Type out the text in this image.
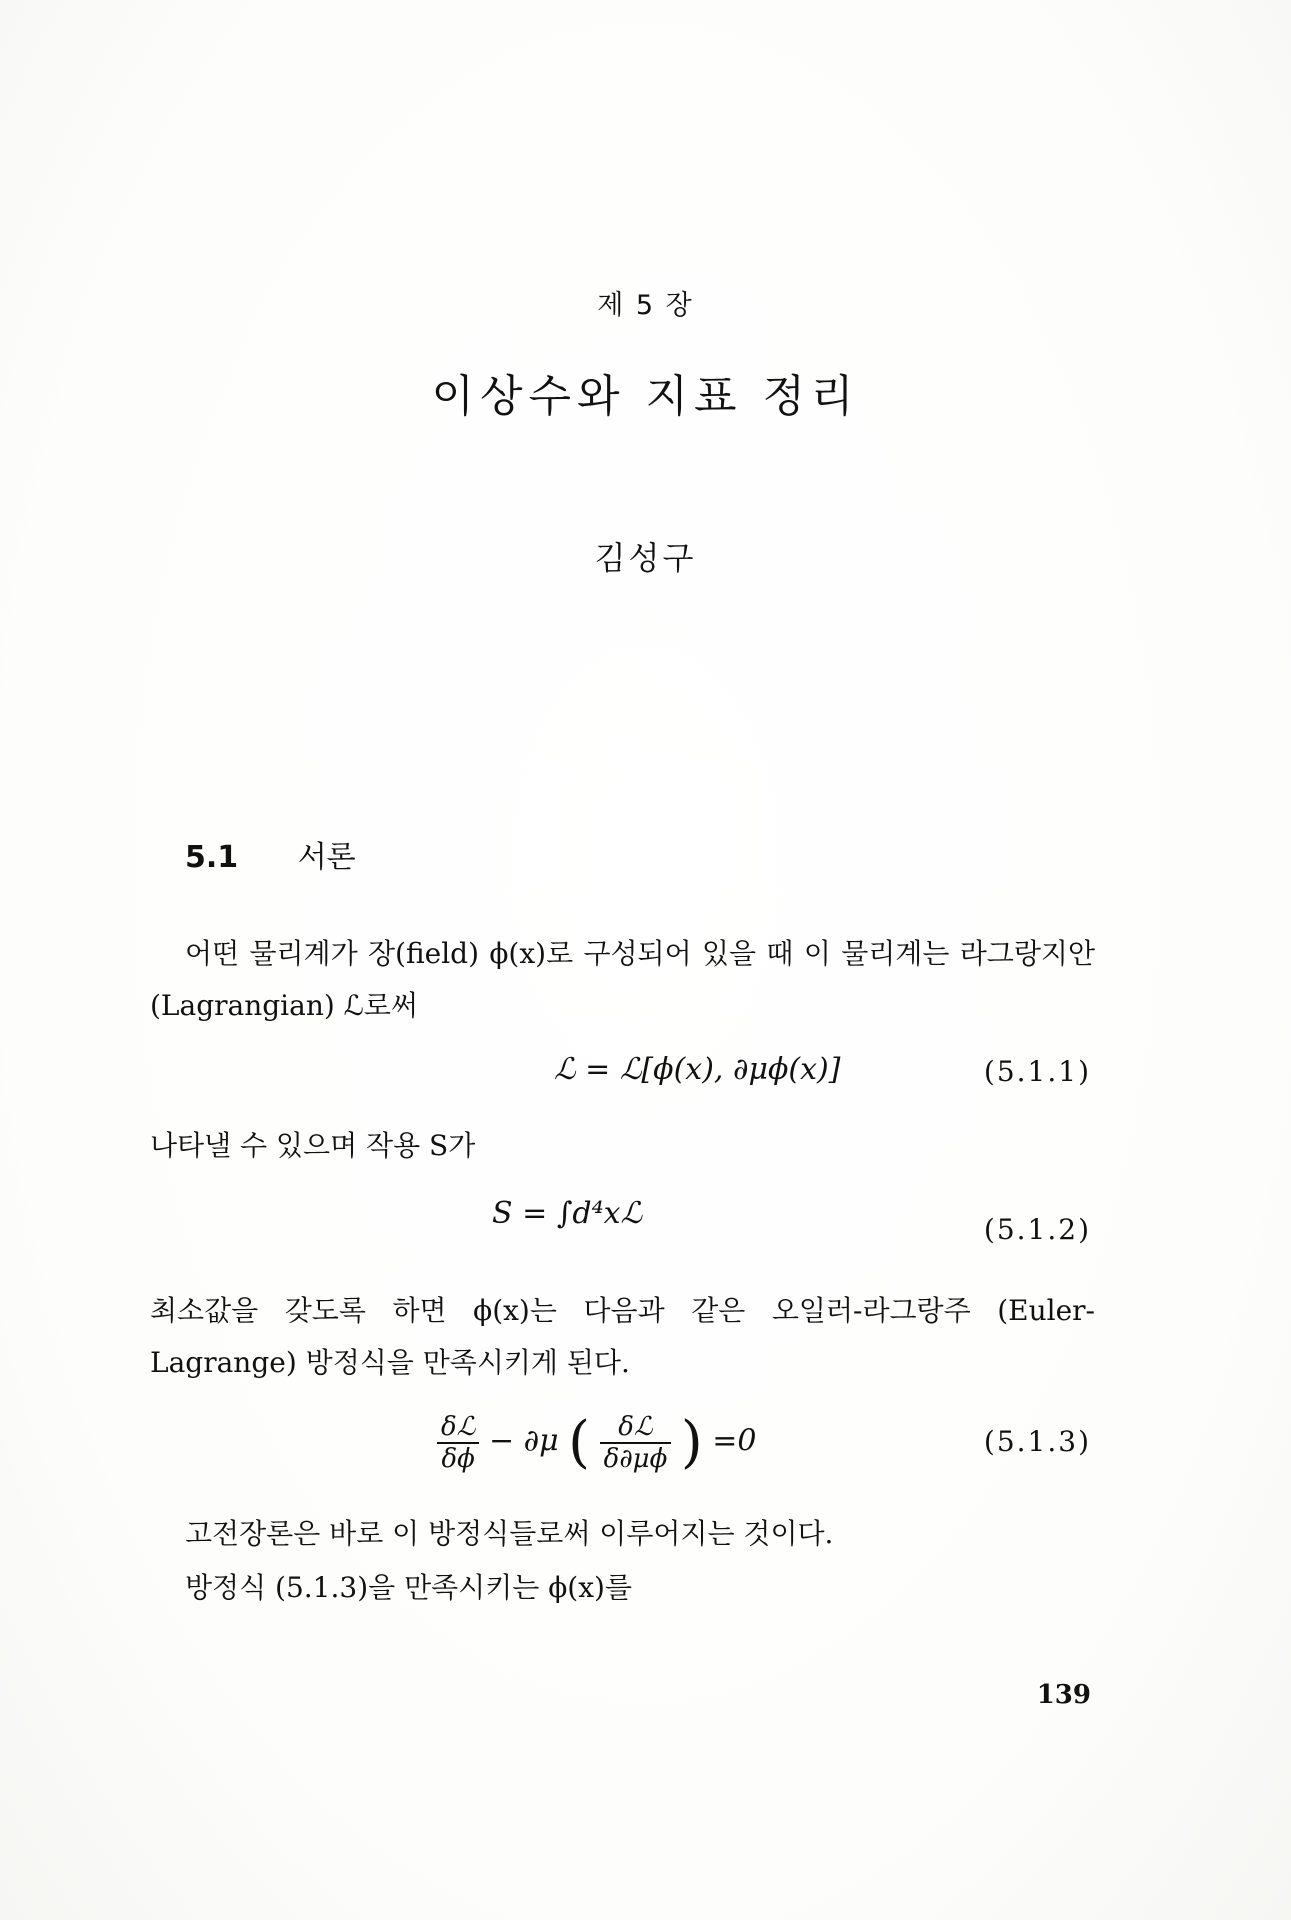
제 5 장
이상수와 지표 정리
김성구
5.1 서론
어떤 물리계가 장(field) ϕ(x)로 구성되어 있을 때 이 물리계는 라그랑지안(Lagrangian) ℒ로써
ℒ = ℒ[ϕ(x), ∂μϕ(x)]	(5.1.1)
나타낼 수 있으며 작용 S가
S = ∫d⁴xℒ	(5.1.2)
최소값을 갖도록 하면 ϕ(x)는 다음과 같은 오일러-라그랑주 (Euler-Lagrange) 방정식을 만족시키게 된다.
$\frac{\text{δℒ}}{\delta\phi} - \partial\mu$ ( $\frac{\text{δℒ}}{\delta\partial\mu\phi}$ ) =0	(5.1.3)
고전장론은 바로 이 방정식들로써 이루어지는 것이다.
방정식 (5.1.3)을 만족시키는 ϕ(x)를
139
